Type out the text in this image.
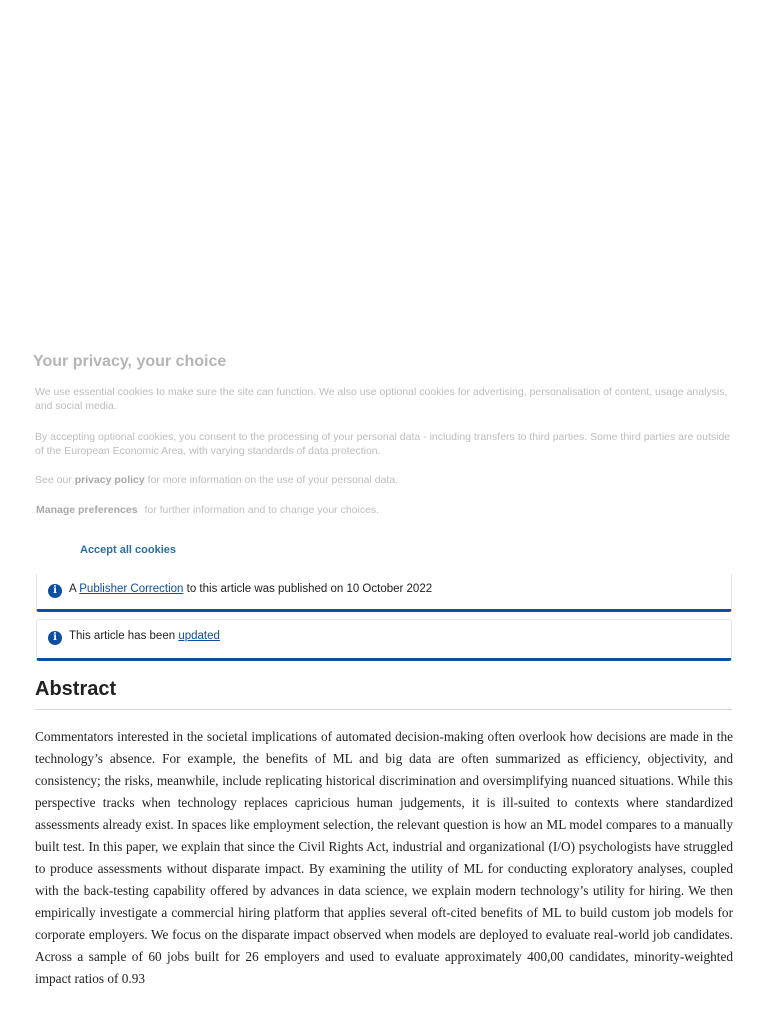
Your privacy, your choice

We use essential cookies to make sure the site can function. We also use optional cookies for advertising, personalisation of content, usage analysis, and social media.

By accepting optional cookies, you consent to the processing of your personal data - including transfers to third parties. Some third parties are outside of the European Economic Area, with varying standards of data protection.

See our privacy policy for more information on the use of your personal data.

Manage preferences for further information and to change your choices.
Accept all cookies
i	A Publisher Correction to this article was published on 10 October 2022
i	This article has been updated
Abstract

Commentators interested in the societal implications of automated decision-making often overlook how decisions are made in the technology’s absence. For example, the benefits of ML and big data are often summarized as efficiency, objectivity, and consistency; the risks, meanwhile, include replicating historical discrimination and oversimplifying nuanced situations. While this perspective tracks when technology replaces capricious human judgements, it is ill-suited to contexts where standardized assessments already exist. In spaces like employment selection, the relevant question is how an ML model compares to a manually built test. In this paper, we explain that since the Civil Rights Act, industrial and organizational (I/O) psychologists have struggled to produce assessments without disparate impact. By examining the utility of ML for conducting exploratory analyses, coupled with the back-testing capability offered by advances in data science, we explain modern technology’s utility for hiring. We then empirically investigate a commercial hiring platform that applies several oft-cited benefits of ML to build custom job models for corporate employers. We focus on the disparate impact observed when models are deployed to evaluate real-world job candidates. Across a sample of 60 jobs built for 26 employers and used to evaluate approximately 400,00 candidates, minority-weighted impact ratios of 0.93
